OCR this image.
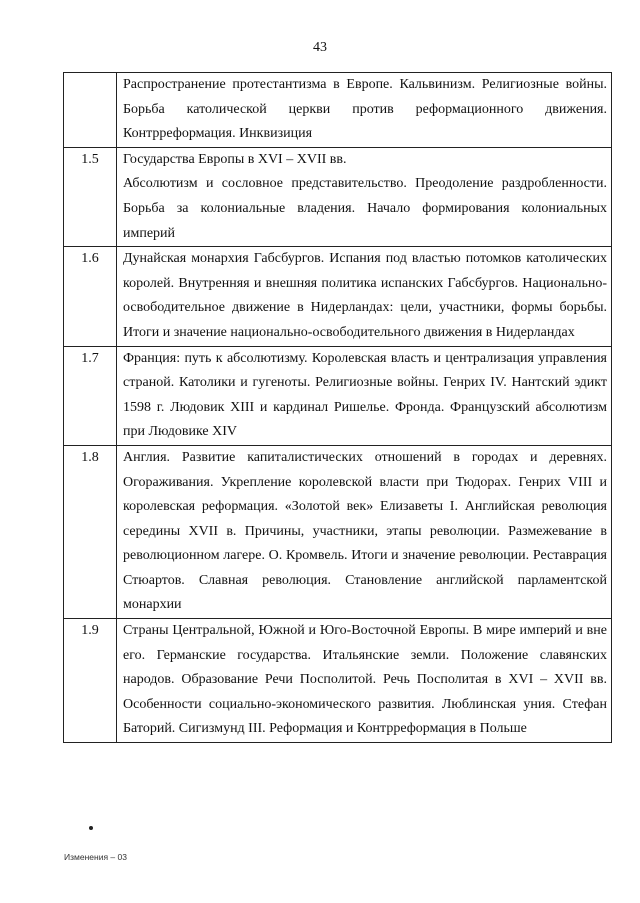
43

	Распространение протестантизма в Европе. Кальвинизм. Религиозные войны. Борьба католической церкви против реформационного движения. Контрреформация. Инквизиция

1.5	Государства Европы в XVI – XVII вв.

Абсолютизм и сословное представительство. Преодоление раздробленности. Борьба за колониальные владения. Начало формирования колониальных империй

1.6	Дунайская монархия Габсбургов. Испания под властью потомков католических королей. Внутренняя и внешняя политика испанских Габсбургов. Национально-освободительное движение в Нидерландах: цели, участники, формы борьбы. Итоги и значение национально-освободительного движения в Нидерландах

1.7	Франция: путь к абсолютизму. Королевская власть и централизация управления страной. Католики и гугеноты. Религиозные войны. Генрих IV. Нантский эдикт 1598 г. Людовик XIII и кардинал Ришелье. Фронда. Французский абсолютизм при Людовике XIV

1.8	Англия. Развитие капиталистических отношений в городах и деревнях. Огораживания. Укрепление королевской власти при Тюдорах. Генрих VIII и королевская реформация. «Золотой век» Елизаветы I. Английская революция середины XVII в. Причины, участники, этапы революции. Размежевание в революционном лагере. О. Кромвель. Итоги и значение революции. Реставрация Стюартов. Славная революция. Становление английской парламентской монархии

1.9	Страны Центральной, Южной и Юго-Восточной Европы. В мире империй и вне его. Германские государства. Итальянские земли. Положение славянских народов. Образование Речи Посполитой. Речь Посполитая в XVI – XVII вв. Особенности социально-экономического развития. Люблинская уния. Стефан Баторий. Сигизмунд III. Реформация и Контрреформация в Польше

Изменения – 03
